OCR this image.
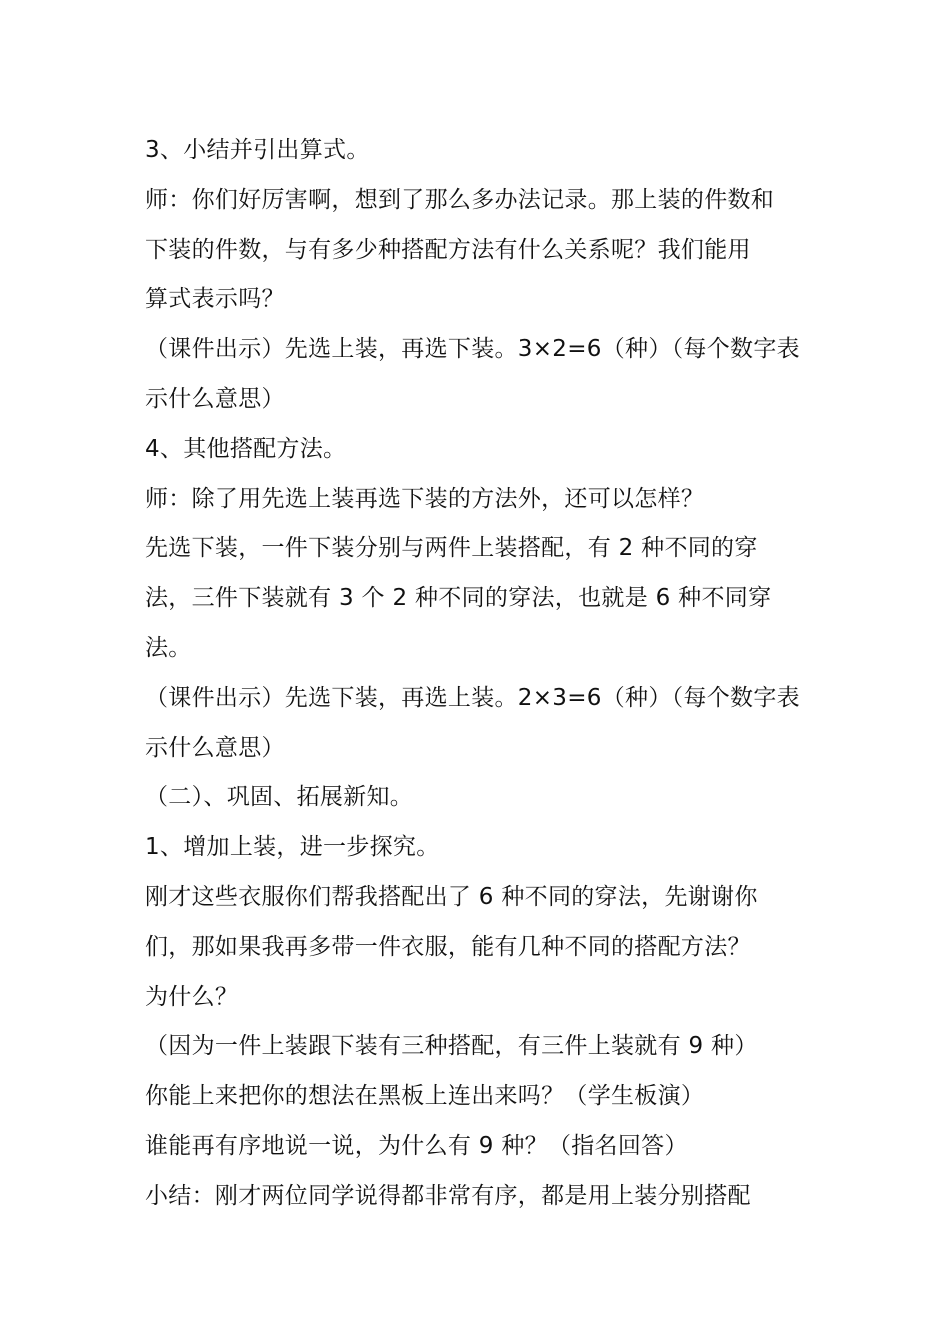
3、小结并引出算式。
师：你们好厉害啊，想到了那么多办法记录。那上装的件数和
下装的件数，与有多少种搭配方法有什么关系呢？我们能用
算式表示吗？
（课件出示）先选上装，再选下装。3×2=6（种）（每个数字表
示什么意思）
4、其他搭配方法。
师：除了用先选上装再选下装的方法外，还可以怎样？
先选下装，一件下装分别与两件上装搭配，有 2 种不同的穿
法，三件下装就有 3 个 2 种不同的穿法，也就是 6 种不同穿
法。
（课件出示）先选下装，再选上装。2×3=6（种）（每个数字表
示什么意思）
（二）、巩固、拓展新知。
1、增加上装，进一步探究。
刚才这些衣服你们帮我搭配出了 6 种不同的穿法，先谢谢你
们，那如果我再多带一件衣服，能有几种不同的搭配方法？
为什么？
（因为一件上装跟下装有三种搭配，有三件上装就有 9 种）
你能上来把你的想法在黑板上连出来吗？（学生板演）
谁能再有序地说一说，为什么有 9 种？（指名回答）
小结：刚才两位同学说得都非常有序，都是用上装分别搭配
